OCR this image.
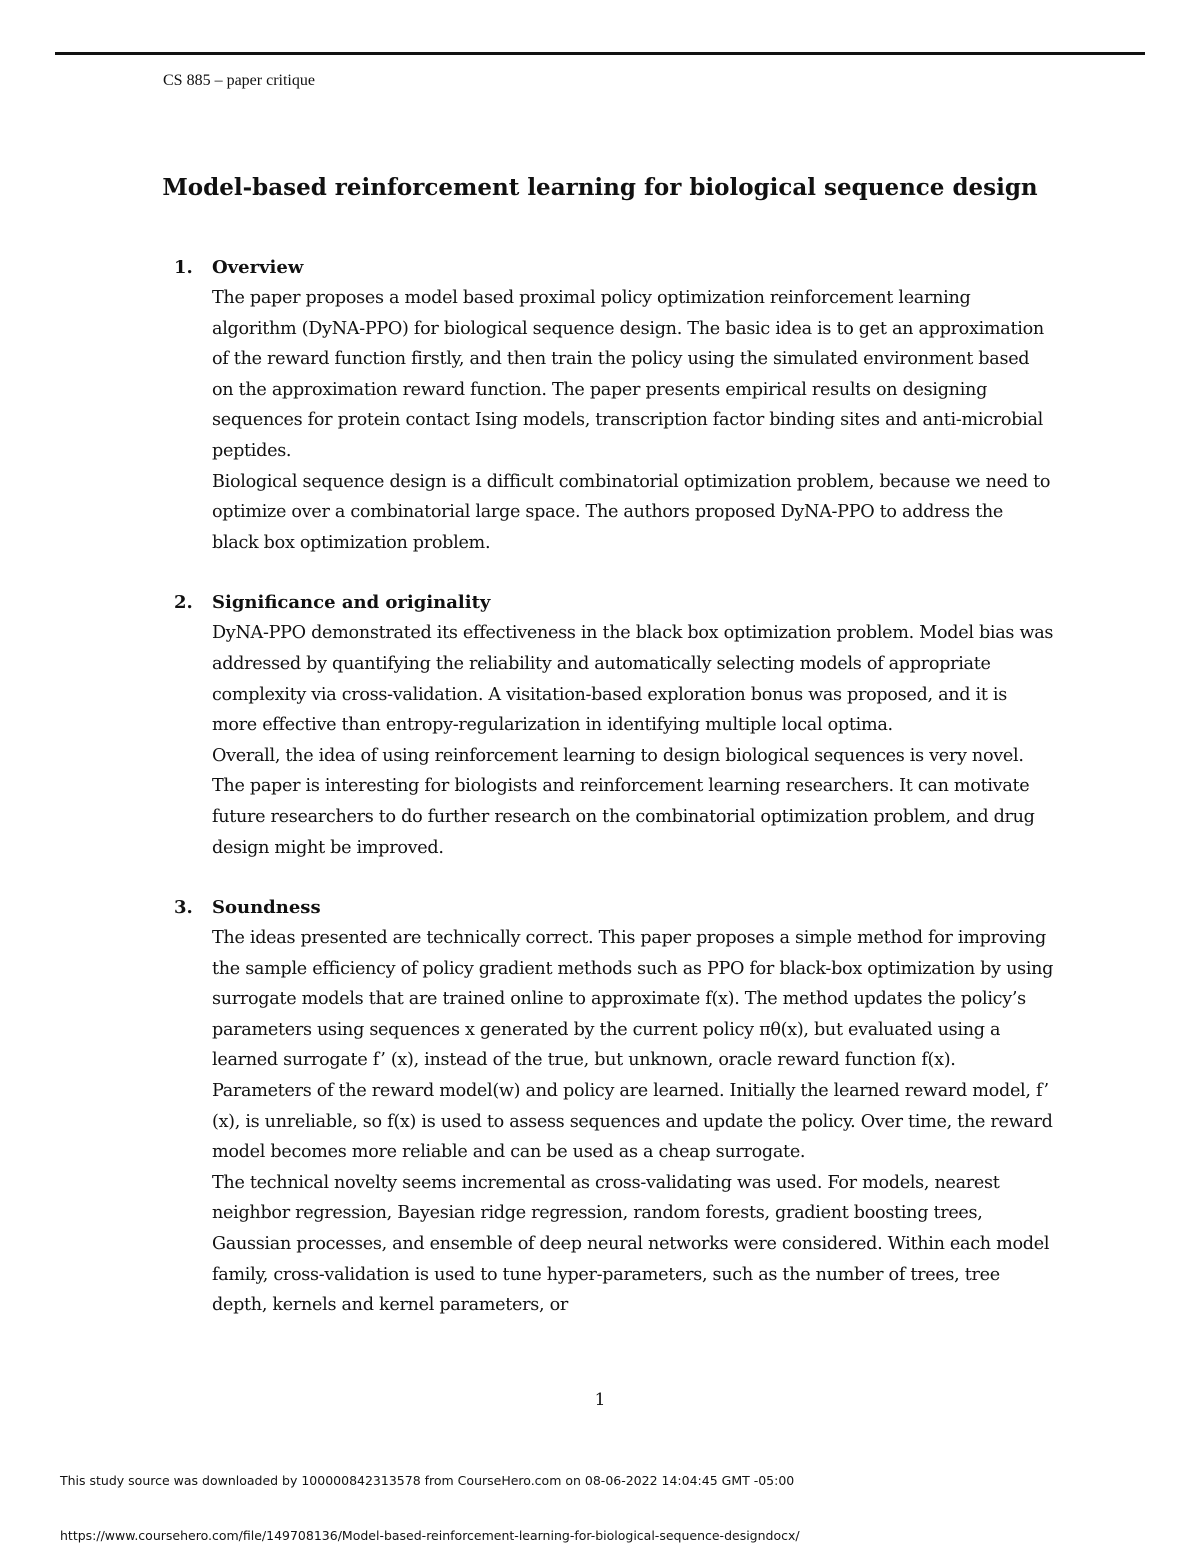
CS 885 – paper critique
Model-based reinforcement learning for biological sequence design
1.	Overview

The paper proposes a model based proximal policy optimization reinforcement learning algorithm (DyNA-PPO) for biological sequence design. The basic idea is to get an approximation of the reward function firstly, and then train the policy using the simulated environment based on the approximation reward function. The paper presents empirical results on designing sequences for protein contact Ising models, transcription factor binding sites and anti-microbial peptides.

Biological sequence design is a difficult combinatorial optimization problem, because we need to optimize over a combinatorial large space. The authors proposed DyNA-PPO to address the black box optimization problem.

2.	Significance and originality

DyNA-PPO demonstrated its effectiveness in the black box optimization problem. Model bias was addressed by quantifying the reliability and automatically selecting models of appropriate complexity via cross-validation. A visitation-based exploration bonus was proposed, and it is more effective than entropy-regularization in identifying multiple local optima.

Overall, the idea of using reinforcement learning to design biological sequences is very novel. The paper is interesting for biologists and reinforcement learning researchers. It can motivate future researchers to do further research on the combinatorial optimization problem, and drug design might be improved.

3.	Soundness

The ideas presented are technically correct. This paper proposes a simple method for improving the sample efficiency of policy gradient methods such as PPO for black-box optimization by using surrogate models that are trained online to approximate f(x). The method updates the policy’s parameters using sequences x generated by the current policy πθ(x), but evaluated using a learned surrogate f’ (x), instead of the true, but unknown, oracle reward function f(x). Parameters of the reward model(w) and policy are learned. Initially the learned reward model, f’ (x), is unreliable, so f(x) is used to assess sequences and update the policy. Over time, the reward model becomes more reliable and can be used as a cheap surrogate.

The technical novelty seems incremental as cross-validating was used. For models, nearest neighbor regression, Bayesian ridge regression, random forests, gradient boosting trees, Gaussian processes, and ensemble of deep neural networks were considered. Within each model family, cross-validation is used to tune hyper-parameters, such as the number of trees, tree depth, kernels and kernel parameters, or

1
This study source was downloaded by 100000842313578 from CourseHero.com on 08-06-2022 14:04:45 GMT -05:00
https://www.coursehero.com/file/149708136/Model-based-reinforcement-learning-for-biological-sequence-designdocx/
